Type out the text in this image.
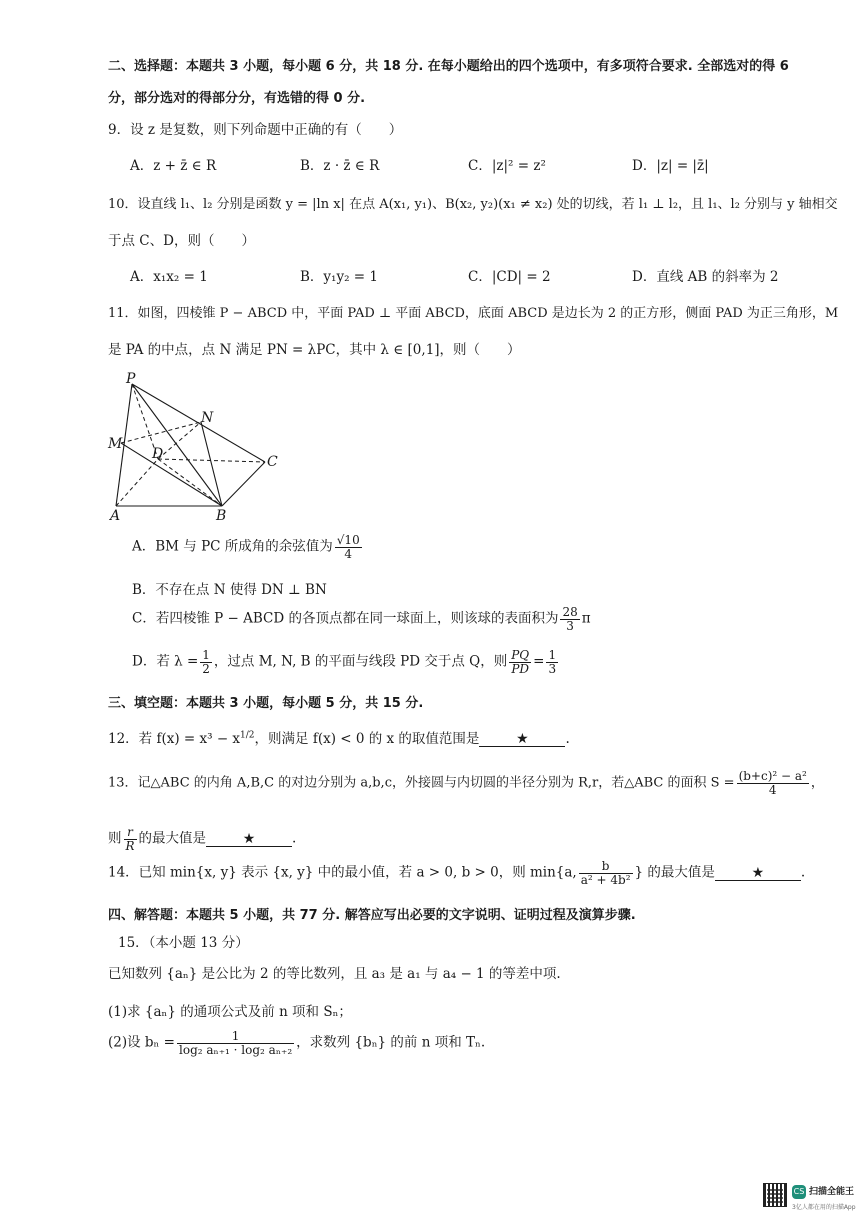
二、选择题：本题共 3 小题，每小题 6 分，共 18 分. 在每小题给出的四个选项中，有多项符合要求. 全部选对的得 6
分，部分选对的得部分分，有选错的得 0 分.
9．设 z 是复数，则下列命题中正确的有（　　）
A．z + z̄ ∈ R	B．z · z̄ ∈ R	C．|z|² = z²	D．|z| = |z̄|
10．设直线 l₁、l₂ 分别是函数 y = |ln x| 在点 A(x₁, y₁)、B(x₂, y₂)(x₁ ≠ x₂) 处的切线，若 l₁ ⊥ l₂，且 l₁、l₂ 分别与 y 轴相交
于点 C、D，则（　　）
A．x₁x₂ = 1	B．y₁y₂ = 1	C．|CD| = 2	D．直线 AB 的斜率为 2
11．如图，四棱锥 P − ABCD 中，平面 PAD ⊥ 平面 ABCD，底面 ABCD 是边长为 2 的正方形，侧面 PAD 为正三角形，M
是 PA 的中点，点 N 满足 PN = λPC，其中 λ ∈ [0,1]，则（　　）
P
N
M
D	C
A	B
A．BM 与 PC 所成角的余弦值为 $\frac{√10}{4}$
B．不存在点 N 使得 DN ⊥ BN
C．若四棱锥 P − ABCD 的各顶点都在同一球面上，则该球的表面积为 $\frac{28}{3}$ π
D．若 $\lambda = \frac{1}{2}$ ，过点 M, N, B 的平面与线段 PD 交于点 Q，则 $\frac{PQ}{PD} = \frac{1}{3}$
三、填空题：本题共 3 小题，每小题 5 分，共 15 分.
12．若 $f(x) = x^3 - x^{1/2}$，则满足 f(x) < 0 的 x 的取值范围是	★	.
13．记△ABC 的内角 A,B,C 的对边分别为 a,b,c，外接圆与内切圆的半径分别为 R,r，若△ABC 的面积 $S = \frac{\text{(b+c)² − a²}}{4}$ ，
则 $\frac{r}{R}$ 的最大值是	★	.
14．已知 min{x, y} 表示 {x, y} 中的最小值，若 a > 0, b > 0，则 min{a, $\frac{b}{\text{a² + 4b²}}$ } 的最大值是	★	.
四、解答题：本题共 5 小题，共 77 分. 解答应写出必要的文字说明、证明过程及演算步骤.
15．（本小题 13 分）
已知数列 {aₙ} 是公比为 2 的等比数列，且 a₃ 是 a₁ 与 a₄ − 1 的等差中项.
(1)求 {aₙ} 的通项公式及前 n 项和 Sₙ；
(2)设 $b_n = \frac{1}{\text{log₂ aₙ₊₁ · log₂ aₙ₊₂}}$ ，求数列 {bₙ} 的前 n 项和 Tₙ.
CS 扫描全能王
3亿人都在用的扫描App
